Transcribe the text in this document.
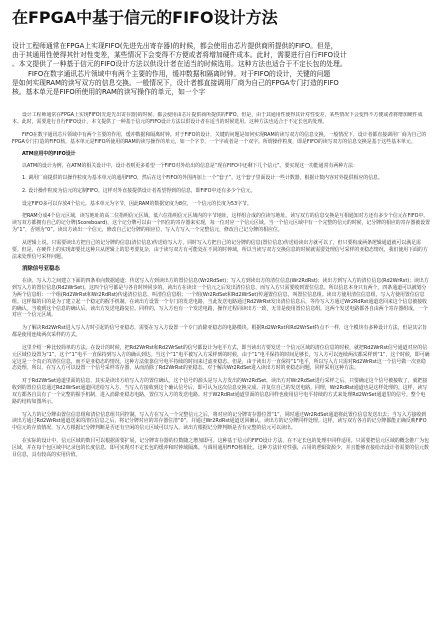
在FPGA中基于信元的FIFO设计方法
设计工程师通常在FPGA上实现FIFO(先进先出寄存器)的时候，都会使用由芯片提供商所提供的FIFO。但是，
由于其通用性使得其针对性变差，某些情况下会变得不方便或者将增加硬件成本。此时，需要进行自行FIFO设计
。本文提供了一种基于信元的FIFO设计方法以供设计者在适当的时候选用。这种方法也适合于不定长包的处理。
FIFO在数字通讯芯片领域中有两个主要的作用，缓冲数据和隔离时钟。对于FIFO的设计，关键的问题
是如何实现RAM的读写双方的信息交换。一般情况下，设计者都直接调用厂商为自己的FPGA专门打造的FIFO
核。基本单元是FIFO所使用的RAM的读写操作的单元，如一个字

设计工程师通常在FPGA上实现FIFO(先进先出寄存器)的时候，都会使用由芯片提供商所提供的FIFO。但是，由于其通用性使得其针对性变差，某些情况下会变得不方便或者将增加硬件成本。此时，需要进行自行FIFO设计。本文提供了一种基于信元的FIFO设计方法以供设计者在适当的时候选用。这种方法也适合于不定长包的处理。

FIFO在数字通讯芯片领域中有两个主要的作用，缓冲数据和隔离时钟。对于FIFO的设计，关键的问题是如何实现RAM的读写双方的信息交换。一般情况下，设计者都直接调用厂商为自己的FPGA专门打造的FIFO核。基本单元是FIFO所使用的RAM的读写操作的单元，如一个字节，一个字或者是一个双字。所谓操作粒度，即是FIFO的读写双方的信息交换是基于这些基本单元。

ATM应用中的FIFO设计

以ATM的设计为例，在ATM的相关设计中，设计者则更多希望一个FIFO对外给出的信息是“现在FIFO中还剩下几个信元”。要实现这一功能通常有两种方法：

1. 调用厂商提供的以操作粒度为基本单元的通用FIFO，然后在这个FIFO的外围再加上一个“套子”。这个套子里面设计一些计数器，根据计数内容对外提供相应的信息。

2. 设计操作粒度为信元的定制FIFO。这样对外直接提供设计者希望得到的信息，即FIFO中还有多少个信元。

设定FIFO多可以存放4个信元。基本单元为字节，因此RAM的数据宽度为8位，一个信元的长度为53字节。

把RAM分成4个信元区域，读写地址的高二位指明信元区域，低六位指明信元区域内的字节地址，这样组合成的位读写地址。读写双方的信息交换是互相通知对方还有多少个信元在FIFO中。读写双方都拥有自己的记分牌(Scoreboard)，这个记分牌可以由一个四位的寄存器来实现，每一位对应一个信元区域。当一个信元区域中有一个完整的信元的时候，记分牌的相应的寄存器被设置为“1”，否则为“0”。读出方读出一个信元，修改自己记分牌的相应位，写入方写入一个完整信元，修改自己记分牌的相应位。

从逻辑上说，只需要读出方把自己的记分牌的信息(清位信息)传送给写入方，同时写入方把自己的记分牌的信息(置位信息)传送给读出方就可以了，但只要构成两条逻辑通道就可以满足需要。但是，在硬件上的实现却要比这种只从逻辑上的思考要复杂，由于读写双方有可能处在不同的时钟域，所以当读写双方交换信息的时候就需要处理信号采样的亚稳态情况，我们使用下面的方法来处理信号采样问题。

消除信号亚稳态

在读、写入方之间建立下面的四条单向数据通道：传送写入方到读出方的置位信息(Wr2RdSet)；写入方到读出方的清位信息(Wr2RdRst)；读出方到写入方的清位信息(Rd2WrRst)；读出方到写入方的置位信息(Rd2WrSet)。这四个信号都是与各自时钟同步的。读出方在读出一个信元之后发出清位信息，而写入方只需要收到置位信息。所以信息本身只有两个。四条通道可以被划分为两个信息组：一个组(Rd2WrRst和Wr2RdRst)传递清位信息，叫清位信息组；一个组(Wr2RdSet和Rd2WrSet)传递置位信息，叫置位信息组。读出方使用清位信息组，写入方使用置位信息组。这样做的目的是为了建立起一个稳定的握手机制。在读出方设置一个专门的发送电路，当此发送电路通过Rd2WrRst发出清位信息后，等待写入方通过Wr2RdRst通道送回来这个信息被接收的确认。当收到这个信息的确认后，读出方发送电路复位。同样的，写入方也有一个发送电路，操作过程同读出方一致，无非是使用置位信息组。这两个发送电路都各自由两个寄存器组成，一个对应一个信元区域。

为了解决Rd2WrRst进入写入方时引起的信号亚稳态，需要在写入方设置一个专门消除亚稳态的电路模块。根据Rd2WrRst和Rd2WrSet特点不一样，这个模块有多种设计方法，但是其宗旨都是使用连续两次采样的方式。

这里介绍一种比较简单的方法。在设计的时候，把Rd2WrRst和Rd2WrSet的信号都设计为电平方式，即当读出方要发送一个信元区域的清位信息的时候，就把Rd2WrRst信号通道对应的信元区域位设置为“1”。这个“1”电平一直保持到写入方的确认到达。当这个“1”电平被写入方采样到的时候，由于“1”电平保持的时间足够长，写入方可以连续两次都采样到“1”，这个时候，即可确定这是一个真正的清位信息，而不是亚稳态的情况。这种方法依靠信号电平持续的时间来过滤亚稳态。但是，由于读出方一直保持“1”电平，所以写入方只需对Rd2WrRst这一个信号做一次亚稳态处理。所以，在写入方可以设置一个信号采样寄存器，从而消除了Rd2WrRst的亚稳态。对于解决Wr2RdSet进入读出方时的亚稳态问题，同样采用这种方法。

对于Rd2WrSet通道里面的信息，其实是读出方给写入方的置位确认。这个信号的源头是写入方发出的Wr2RdSet，读出方对Wr2RdSet进行采样之后，只要确定这个信号被接收了，就把接收到的置位信息通过Rd2WrSet通道回送给写入方，当写入方接收到这个确认信号后，即可认为这次信息交换完成，并复位自己的发送电路。同理，Wr2RdRst通道也是这样处理的。这样，读写双方都各自具有了一个完整的握手机制，进入消除亚稳态电路，置位写入方的发送电路。对于W2RdRst通道里面的信息同样也使用信号电平持续的方式来处理Rd2WrSet通道里的信号。整个电路的结构如图所示。

写入方的记分牌由置位信息组和清位信息组共同控制。写入方在写入一个完整信元之后，将对应的记分牌寄存器位置“1”，同时通过Wr2RdSet通道将此置位信息发送出去；当写入方接收到读出方通过Rd2WrRst通道送来的清位信息之后，将记分牌对应的寄存器位清“0”，并通过Wr2RdRst通道送回确认。读出方的记分牌同样处理。这样，读写双方各自的记分牌都能正确反映FIFO中信元的存放情况，写入方根据记分牌判断是否还有空闲的信元区域可以写入，读出方根据记分牌判断是否有完整的信元可以读出。

在实际的设计中，信元区域的数目可以根据需要扩展，记分牌寄存器的位数随之增加即可。这种基于信元的FIFO设计方法，在不定长包的处理中同样适用，只需要把信元区域的概念推广为包区域，并在每个包区域中记录包的长度信息，即可实现对不定长包的缓冲和时钟域隔离。与调用通用FIFO核相比，这种方法针对性强，占用的逻辑资源少，并且能够直接给出设计者需要的信元数目信息，具有较高的实用价值。
